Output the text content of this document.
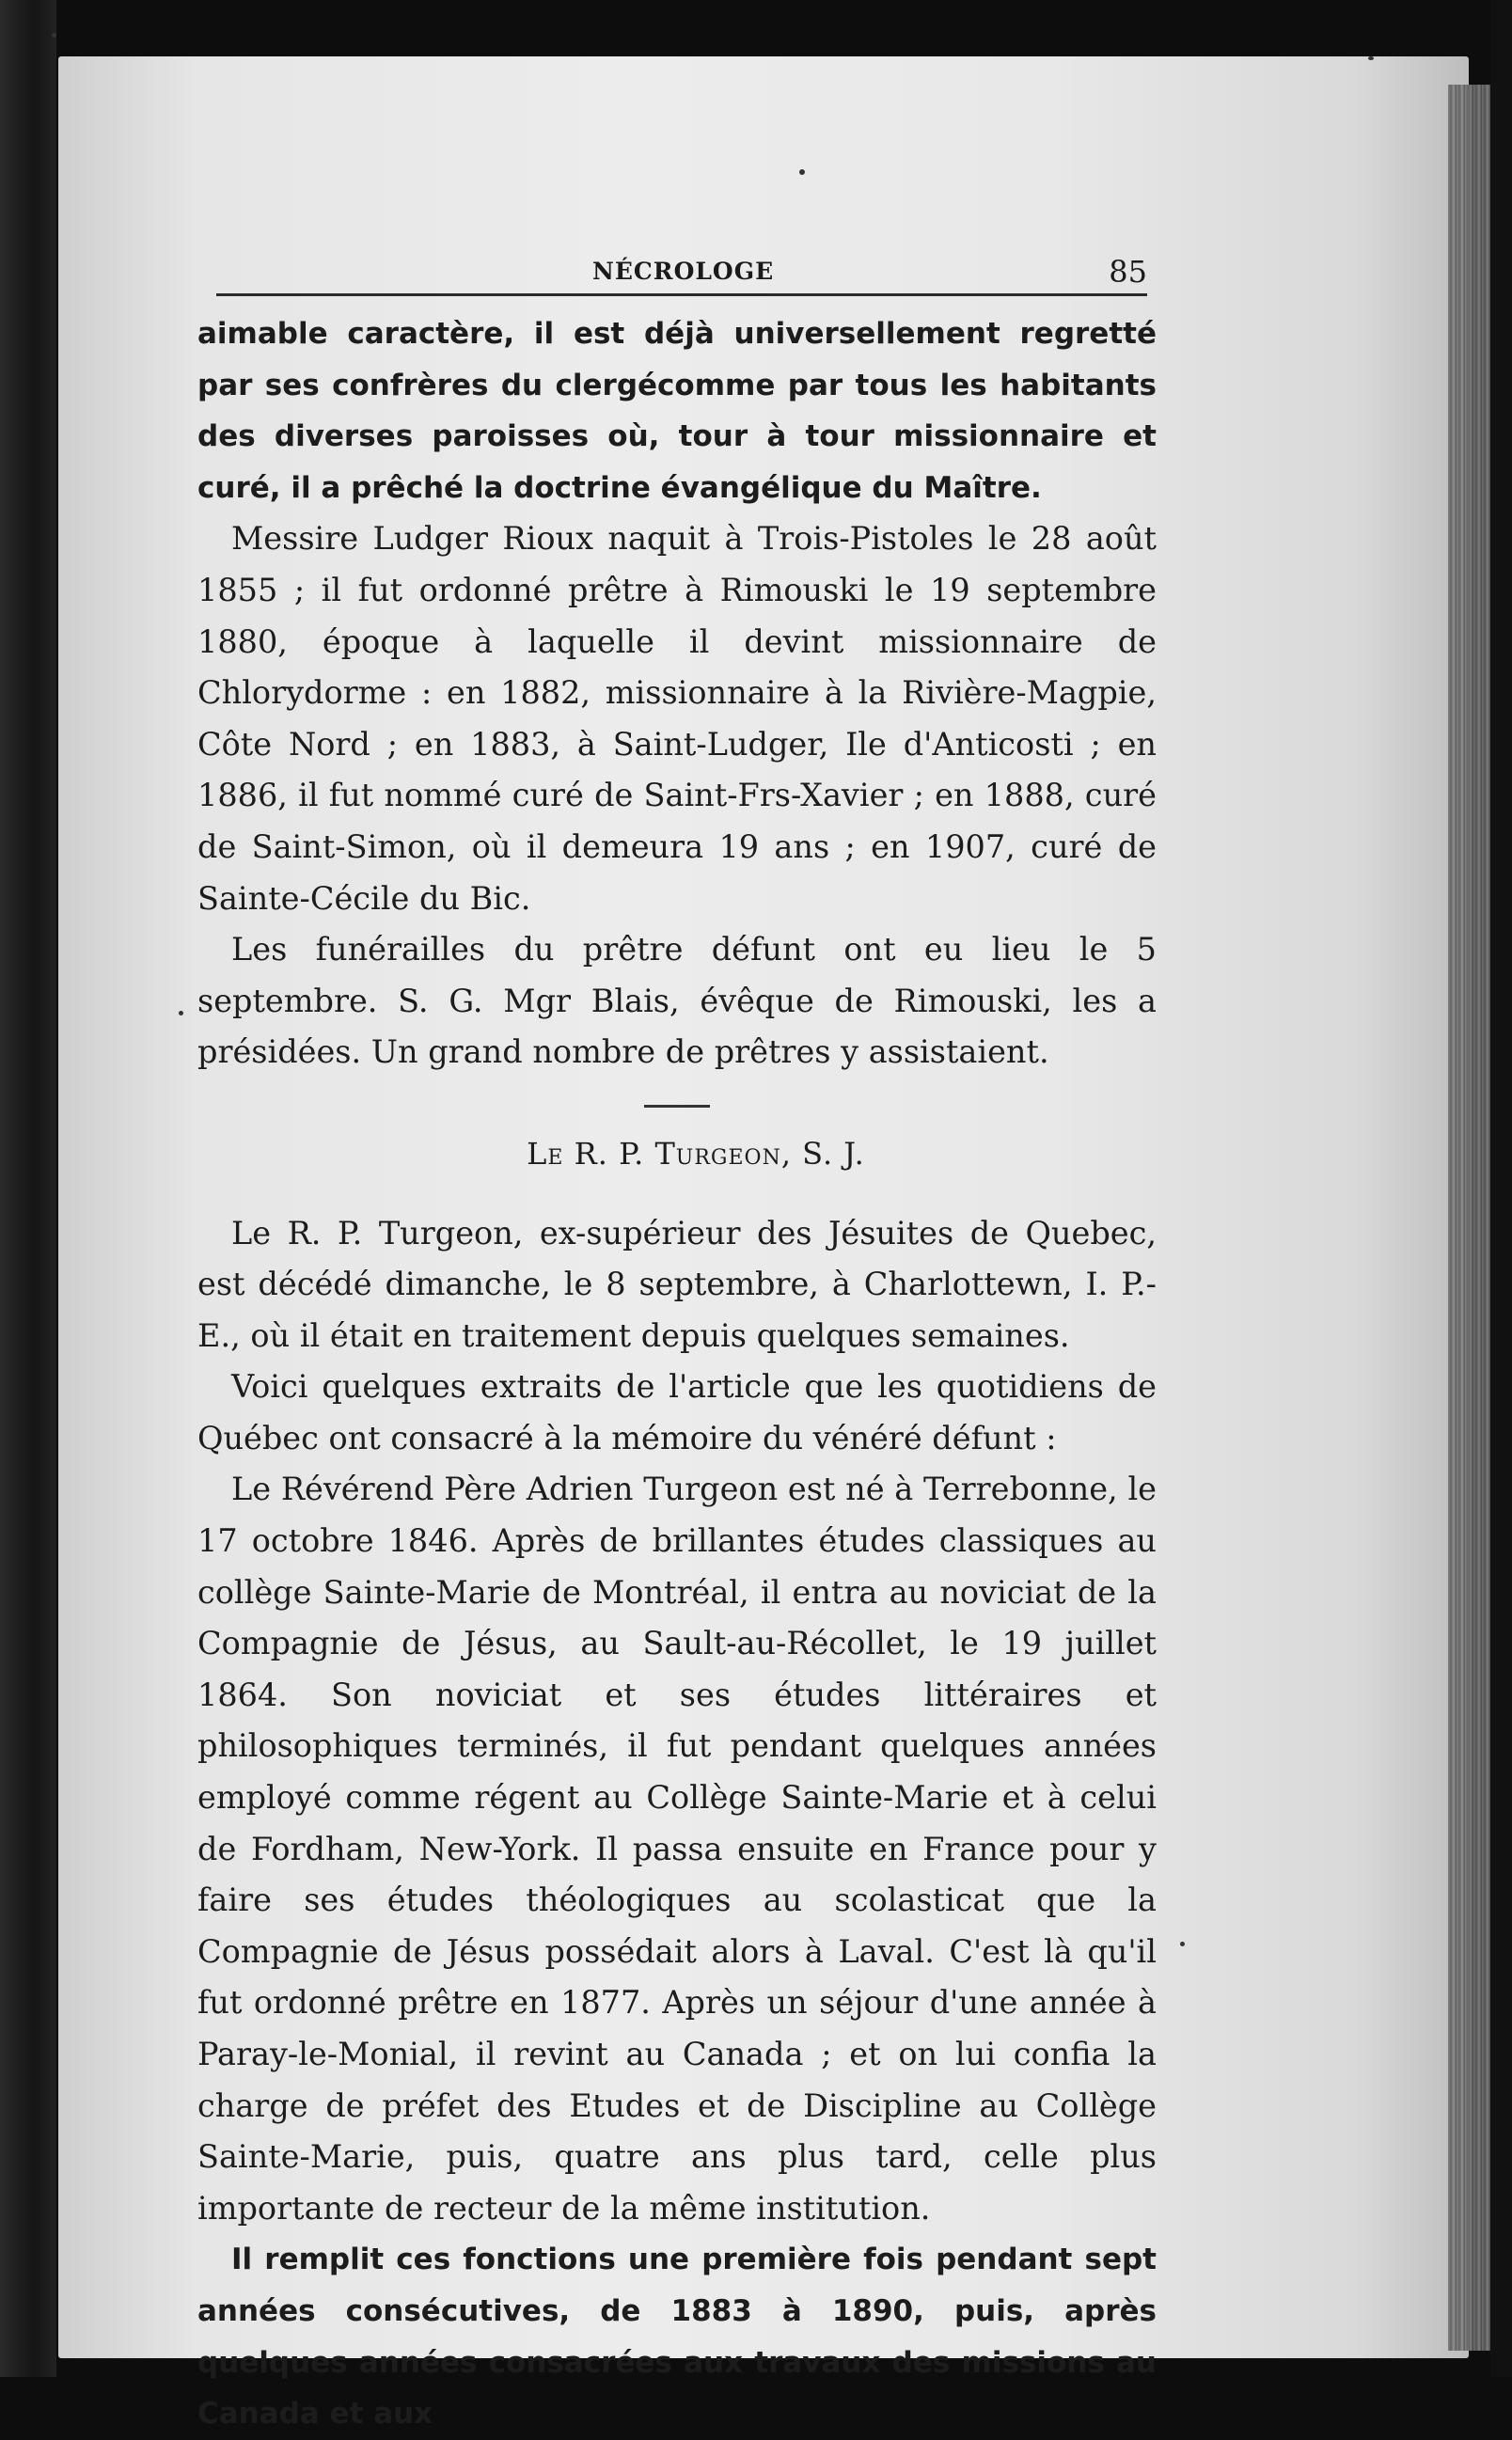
NÉCROLOGE	85

aimable caractère, il est déjà universellement regretté par ses confrères du clergécomme par tous les habitants des diverses paroisses où, tour à tour missionnaire et curé, il a prêché la doctrine évangélique du Maître.

Messire Ludger Rioux naquit à Trois-Pistoles le 28 août 1855 ; il fut ordonné prêtre à Rimouski le 19 septembre 1880, époque à laquelle il devint missionnaire de Chlorydorme : en 1882, missionnaire à la Rivière-Magpie, Côte Nord ; en 1883, à Saint-Ludger, Ile d'Anticosti ; en 1886, il fut nommé curé de Saint-Frs-Xavier ; en 1888, curé de Saint-Simon, où il demeura 19 ans ; en 1907, curé de Sainte-Cécile du Bic.

Les funérailles du prêtre défunt ont eu lieu le 5 septembre. S. G. Mgr Blais, évêque de Rimouski, les a présidées. Un grand nombre de prêtres y assistaient.

Le R. P. Turgeon, S. J.

Le R. P. Turgeon, ex-supérieur des Jésuites de Quebec, est décédé dimanche, le 8 septembre, à Charlottewn, I. P.-E., où il était en traitement depuis quelques semaines.

Voici quelques extraits de l'article que les quotidiens de Québec ont consacré à la mémoire du vénéré défunt :

Le Révérend Père Adrien Turgeon est né à Terrebonne, le 17 octobre 1846. Après de brillantes études classiques au collège Sainte-Marie de Montréal, il entra au noviciat de la Compagnie de Jésus, au Sault-au-Récollet, le 19 juillet 1864. Son noviciat et ses études littéraires et philosophiques terminés, il fut pendant quelques années employé comme régent au Collège Sainte-Marie et à celui de Fordham, New-York. Il passa ensuite en France pour y faire ses études théologiques au scolasticat que la Compagnie de Jésus possédait alors à Laval. C'est là qu'il fut ordonné prêtre en 1877. Après un séjour d'une année à Paray-le-Monial, il revint au Canada ; et on lui confia la charge de préfet des Etudes et de Discipline au Collège Sainte-Marie, puis, quatre ans plus tard, celle plus importante de recteur de la même institution.

Il remplit ces fonctions une première fois pendant sept années consécutives, de 1883 à 1890, puis, après quelques années consacrées aux travaux des missions au Canada et aux
